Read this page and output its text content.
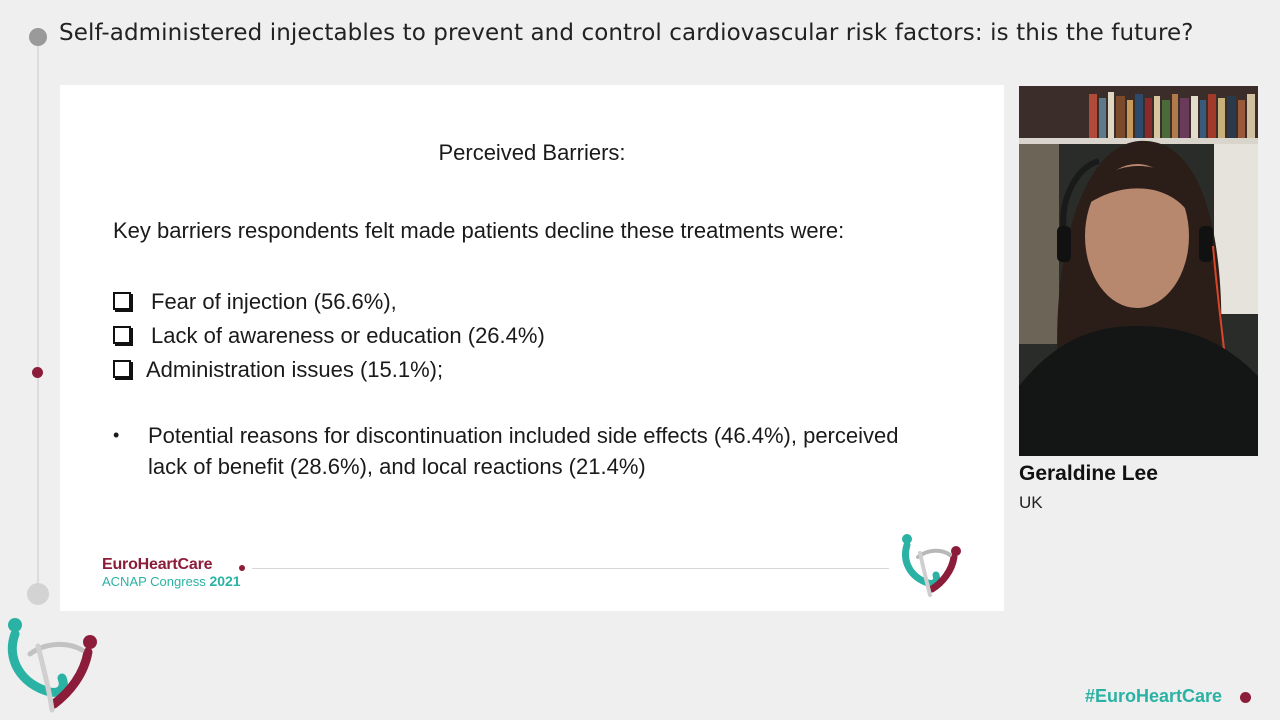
Self-administered injectables to prevent and control cardiovascular risk factors: is this the future?
Perceived Barriers:
Key barriers respondents felt made patients decline these treatments were:
Fear of injection (56.6%),
Lack of awareness or education (26.4%)
Administration issues (15.1%);
•	Potential reasons for discontinuation included side effects (46.4%), perceived lack of benefit (28.6%), and local reactions (21.4%)
EuroHeartCare
ACNAP Congress 2021
Geraldine Lee
UK
#EuroHeartCare
